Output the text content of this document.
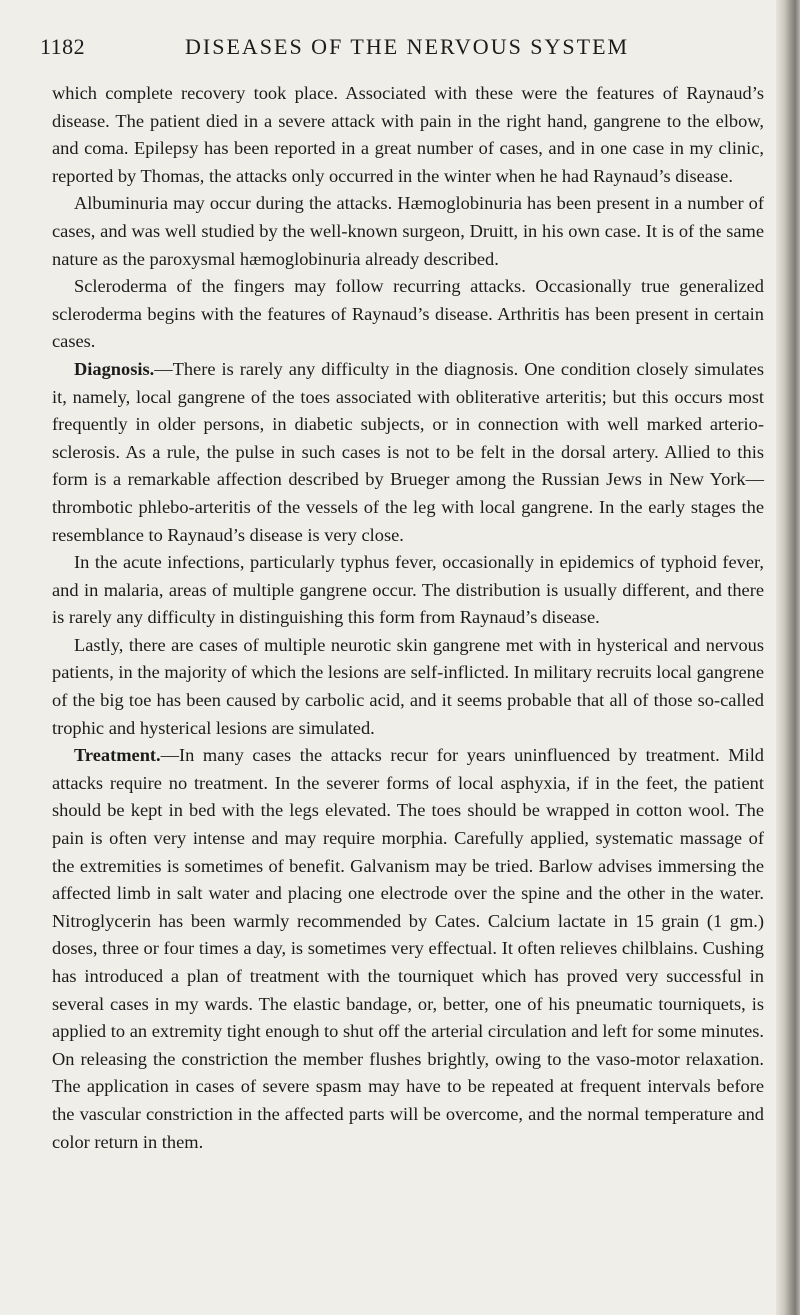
1182	DISEASES OF THE NERVOUS SYSTEM

which complete recovery took place. Associated with these were the features of Raynaud’s disease. The patient died in a severe attack with pain in the right hand, gangrene to the elbow, and coma. Epilepsy has been reported in a great number of cases, and in one case in my clinic, reported by Thomas, the attacks only occurred in the winter when he had Raynaud’s disease.

Albuminuria may occur during the attacks. Hæmoglobinuria has been present in a number of cases, and was well studied by the well-known surgeon, Druitt, in his own case. It is of the same nature as the paroxysmal hæmoglobinuria already described.

Scleroderma of the fingers may follow recurring attacks. Occasionally true generalized scleroderma begins with the features of Raynaud’s disease. Arthritis has been present in certain cases.

Diagnosis.—There is rarely any difficulty in the diagnosis. One condition closely simulates it, namely, local gangrene of the toes associated with obliterative arteritis; but this occurs most frequently in older persons, in diabetic subjects, or in connection with well marked arterio-sclerosis. As a rule, the pulse in such cases is not to be felt in the dorsal artery. Allied to this form is a remarkable affection described by Brueger among the Russian Jews in New York—thrombotic phlebo-arteritis of the vessels of the leg with local gangrene. In the early stages the resemblance to Raynaud’s disease is very close.

In the acute infections, particularly typhus fever, occasionally in epidemics of typhoid fever, and in malaria, areas of multiple gangrene occur. The distribution is usually different, and there is rarely any difficulty in distinguishing this form from Raynaud’s disease.

Lastly, there are cases of multiple neurotic skin gangrene met with in hysterical and nervous patients, in the majority of which the lesions are self-inflicted. In military recruits local gangrene of the big toe has been caused by carbolic acid, and it seems probable that all of those so-called trophic and hysterical lesions are simulated.

Treatment.—In many cases the attacks recur for years uninfluenced by treatment. Mild attacks require no treatment. In the severer forms of local asphyxia, if in the feet, the patient should be kept in bed with the legs elevated. The toes should be wrapped in cotton wool. The pain is often very intense and may require morphia. Carefully applied, systematic massage of the extremities is sometimes of benefit. Galvanism may be tried. Barlow advises immersing the affected limb in salt water and placing one electrode over the spine and the other in the water. Nitroglycerin has been warmly recommended by Cates. Calcium lactate in 15 grain (1 gm.) doses, three or four times a day, is sometimes very effectual. It often relieves chilblains. Cushing has introduced a plan of treatment with the tourniquet which has proved very successful in several cases in my wards. The elastic bandage, or, better, one of his pneumatic tourniquets, is applied to an extremity tight enough to shut off the arterial circulation and left for some minutes. On releasing the constriction the member flushes brightly, owing to the vaso-motor relaxation. The application in cases of severe spasm may have to be repeated at frequent intervals before the vascular constriction in the affected parts will be overcome, and the normal temperature and color return in them.
